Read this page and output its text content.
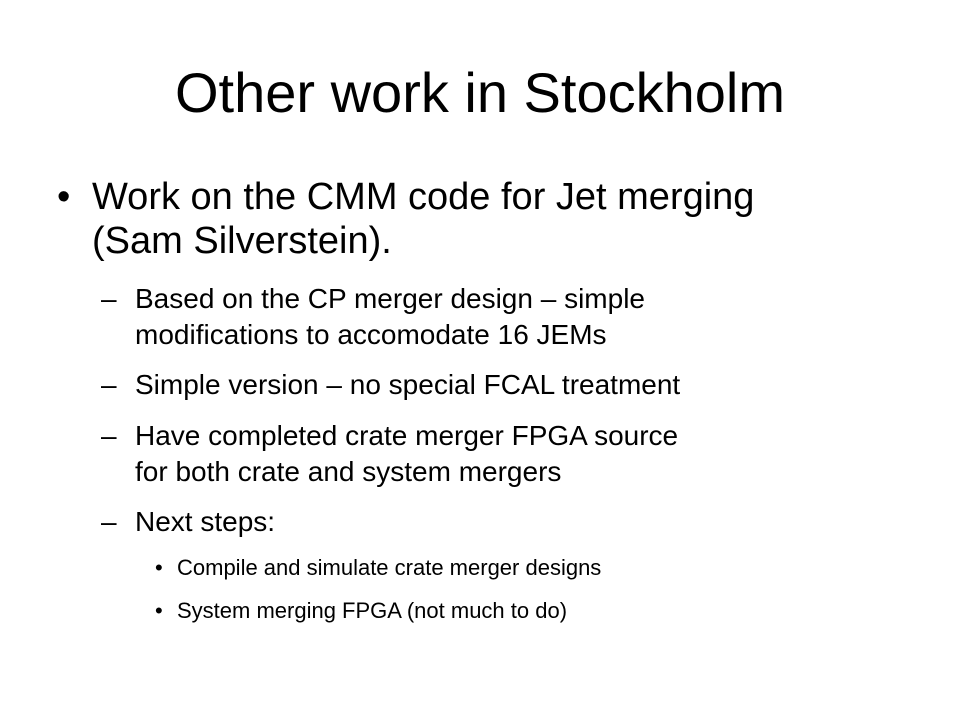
Other work in Stockholm
• Work on the CMM code for Jet merging
(Sam Silverstein).
– Based on the CP merger design – simple
modifications to accomodate 16 JEMs
– Simple version – no special FCAL treatment
– Have completed crate merger FPGA source
for both crate and system mergers
– Next steps:
• Compile and simulate crate merger designs
• System merging FPGA (not much to do)
